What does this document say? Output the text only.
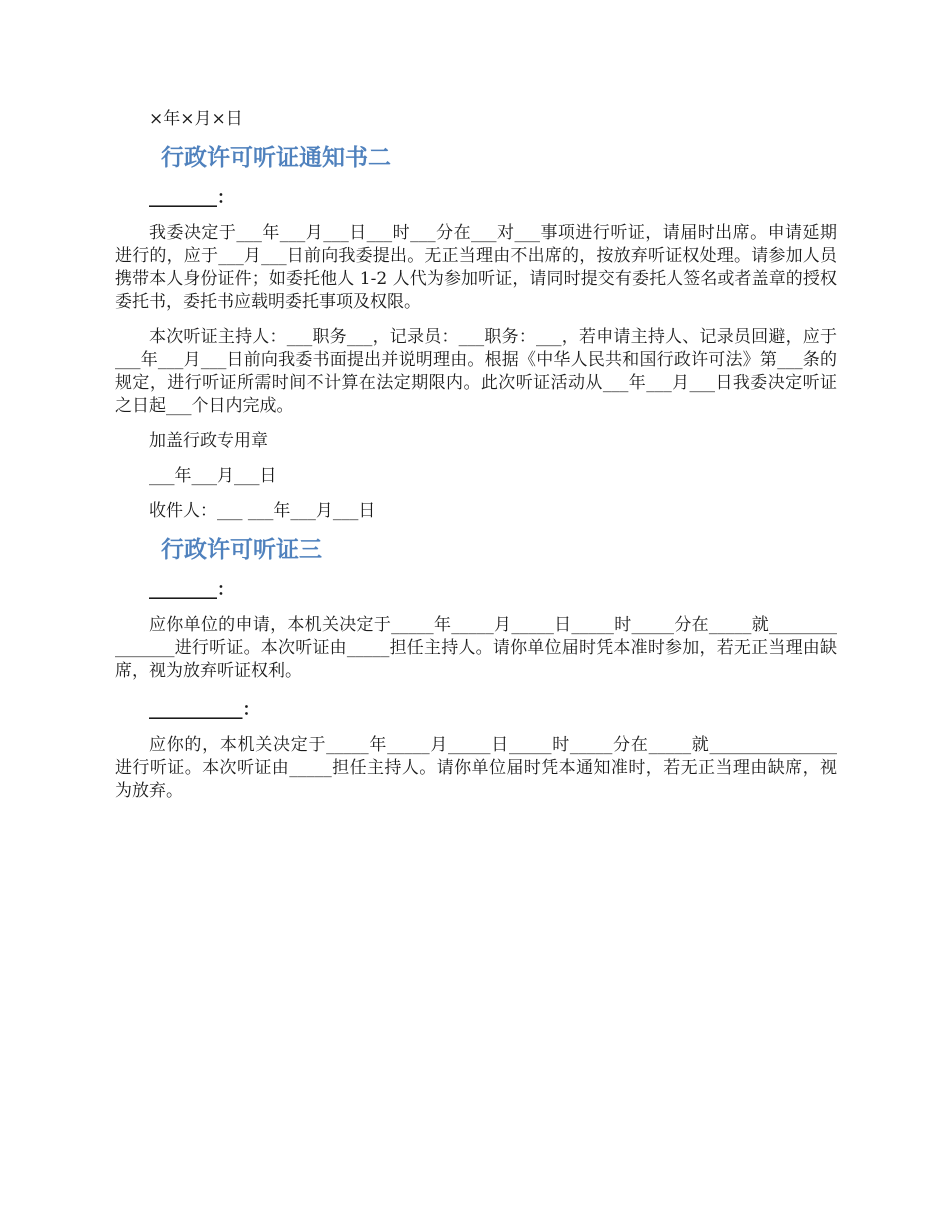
×年×月×日

行政许可听证通知书二

________：

我委决定于___年___月___日___时___分在___对___事项进行听证，请届时出席。申请延期进行的，应于___月___日前向我委提出。无正当理由不出席的，按放弃听证权处理。请参加人员携带本人身份证件；如委托他人 1-2 人代为参加听证，请同时提交有委托人签名或者盖章的授权委托书，委托书应载明委托事项及权限。

本次听证主持人：___职务___，记录员：___职务：___，若申请主持人、记录员回避，应于___年___月___日前向我委书面提出并说明理由。根据《中华人民共和国行政许可法》第___条的规定，进行听证所需时间不计算在法定期限内。此次听证活动从___年___月___日我委决定听证之日起___个日内完成。

加盖行政专用章

___年___月___日

收件人：___ ___年___月___日

行政许可听证三

________：

应你单位的申请，本机关决定于_____年_____月_____日_____时_____分在_____就_______________进行听证。本次听证由_____担任主持人。请你单位届时凭本准时参加，若无正当理由缺席，视为放弃听证权利。

___________：

应你的，本机关决定于_____年_____月_____日_____时_____分在_____就_______________进行听证。本次听证由_____担任主持人。请你单位届时凭本通知准时，若无正当理由缺席，视为放弃。
